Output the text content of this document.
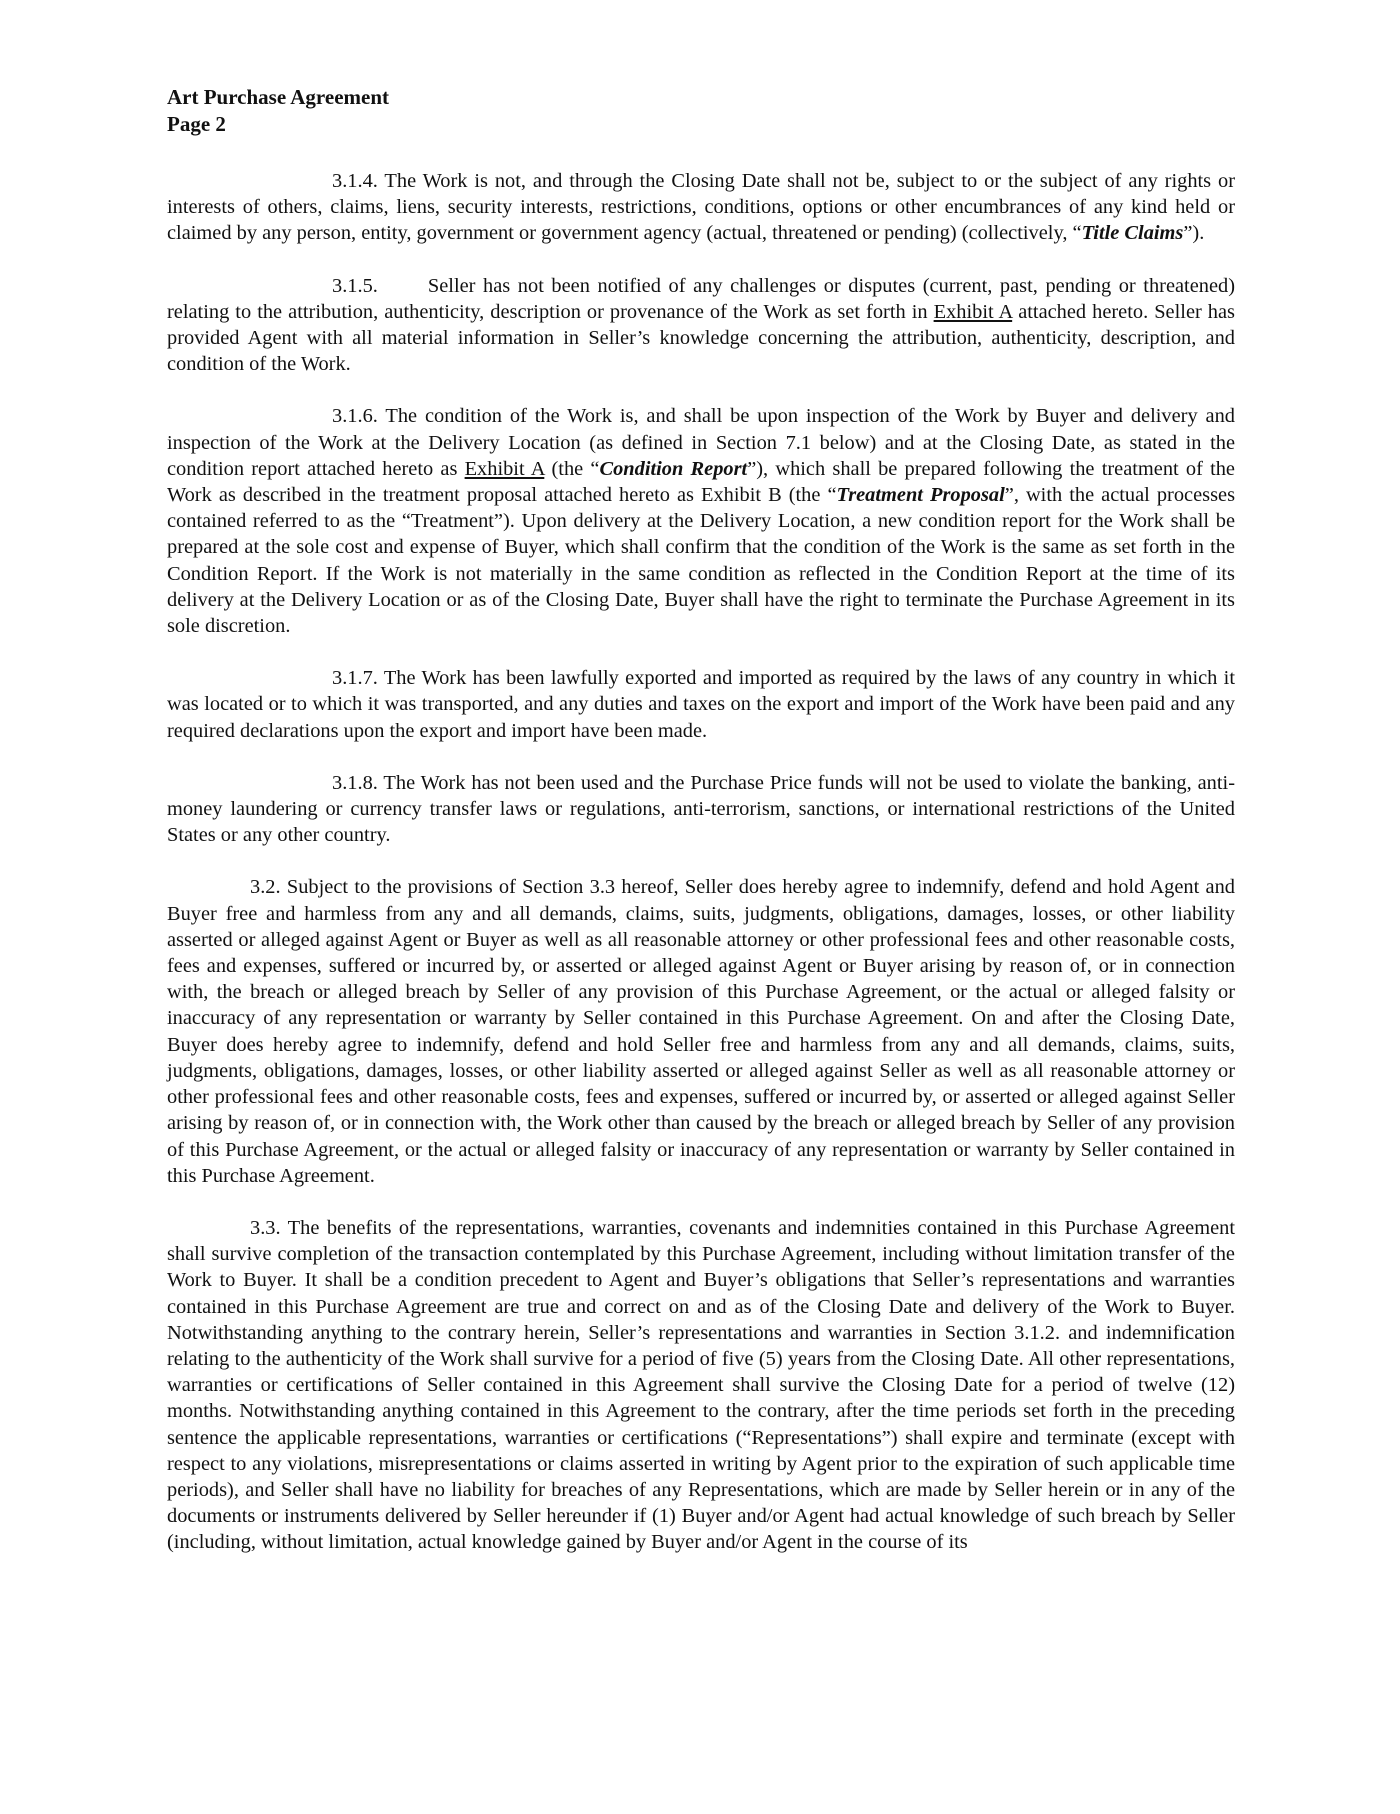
Art Purchase Agreement
Page 2

3.1.4. The Work is not, and through the Closing Date shall not be, subject to or the subject of any rights or interests of others, claims, liens, security interests, restrictions, conditions, options or other encumbrances of any kind held or claimed by any person, entity, government or government agency (actual, threatened or pending) (collectively, “Title Claims”).

3.1.5. Seller has not been notified of any challenges or disputes (current, past, pending or threatened) relating to the attribution, authenticity, description or provenance of the Work as set forth in Exhibit A attached hereto. Seller has provided Agent with all material information in Seller’s knowledge concerning the attribution, authenticity, description, and condition of the Work.

3.1.6. The condition of the Work is, and shall be upon inspection of the Work by Buyer and delivery and inspection of the Work at the Delivery Location (as defined in Section 7.1 below) and at the Closing Date, as stated in the condition report attached hereto as Exhibit A (the “Condition Report”), which shall be prepared following the treatment of the Work as described in the treatment proposal attached hereto as Exhibit B (the “Treatment Proposal”, with the actual processes contained referred to as the “Treatment”). Upon delivery at the Delivery Location, a new condition report for the Work shall be prepared at the sole cost and expense of Buyer, which shall confirm that the condition of the Work is the same as set forth in the Condition Report. If the Work is not materially in the same condition as reflected in the Condition Report at the time of its delivery at the Delivery Location or as of the Closing Date, Buyer shall have the right to terminate the Purchase Agreement in its sole discretion.

3.1.7. The Work has been lawfully exported and imported as required by the laws of any country in which it was located or to which it was transported, and any duties and taxes on the export and import of the Work have been paid and any required declarations upon the export and import have been made.

3.1.8. The Work has not been used and the Purchase Price funds will not be used to violate the banking, anti-money laundering or currency transfer laws or regulations, anti-terrorism, sanctions, or international restrictions of the United States or any other country.

3.2. Subject to the provisions of Section 3.3 hereof, Seller does hereby agree to indemnify, defend and hold Agent and Buyer free and harmless from any and all demands, claims, suits, judgments, obligations, damages, losses, or other liability asserted or alleged against Agent or Buyer as well as all reasonable attorney or other professional fees and other reasonable costs, fees and expenses, suffered or incurred by, or asserted or alleged against Agent or Buyer arising by reason of, or in connection with, the breach or alleged breach by Seller of any provision of this Purchase Agreement, or the actual or alleged falsity or inaccuracy of any representation or warranty by Seller contained in this Purchase Agreement. On and after the Closing Date, Buyer does hereby agree to indemnify, defend and hold Seller free and harmless from any and all demands, claims, suits, judgments, obligations, damages, losses, or other liability asserted or alleged against Seller as well as all reasonable attorney or other professional fees and other reasonable costs, fees and expenses, suffered or incurred by, or asserted or alleged against Seller arising by reason of, or in connection with, the Work other than caused by the breach or alleged breach by Seller of any provision of this Purchase Agreement, or the actual or alleged falsity or inaccuracy of any representation or warranty by Seller contained in this Purchase Agreement.

3.3. The benefits of the representations, warranties, covenants and indemnities contained in this Purchase Agreement shall survive completion of the transaction contemplated by this Purchase Agreement, including without limitation transfer of the Work to Buyer. It shall be a condition precedent to Agent and Buyer’s obligations that Seller’s representations and warranties contained in this Purchase Agreement are true and correct on and as of the Closing Date and delivery of the Work to Buyer. Notwithstanding anything to the contrary herein, Seller’s representations and warranties in Section 3.1.2. and indemnification relating to the authenticity of the Work shall survive for a period of five (5) years from the Closing Date. All other representations, warranties or certifications of Seller contained in this Agreement shall survive the Closing Date for a period of twelve (12) months. Notwithstanding anything contained in this Agreement to the contrary, after the time periods set forth in the preceding sentence the applicable representations, warranties or certifications (“Representations”) shall expire and terminate (except with respect to any violations, misrepresentations or claims asserted in writing by Agent prior to the expiration of such applicable time periods), and Seller shall have no liability for breaches of any Representations, which are made by Seller herein or in any of the documents or instruments delivered by Seller hereunder if (1) Buyer and/or Agent had actual knowledge of such breach by Seller (including, without limitation, actual knowledge gained by Buyer and/or Agent in the course of its
